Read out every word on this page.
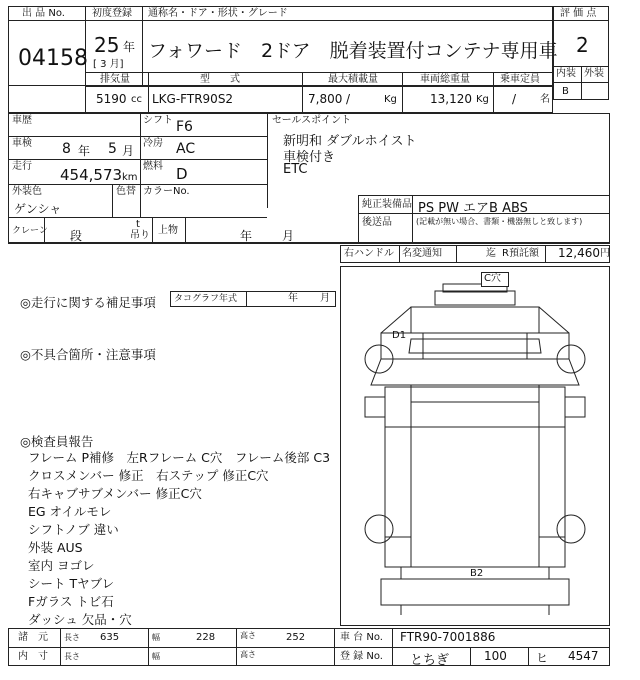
出 品 No.
04158
初度登録
25 年
[ 3 月]
通称名・ドア・形状・グレード
フォワード　2ドア　脱着装置付コンテナ専用車
評 価 点
2
内装 外装
B
排気量
5190 cc
型　　式
LKG-FTR90S2
最大積載量
7,800 /	Kg
車両総重量
13,120 Kg
乗車定員
/ 名
車歴	シフト F6
車検 8 年 5 月
冷房 AC
走行 454,573 km
燃料 D
外装色
ゲンシャ
色替 カラーNo.
クレーン 段
t
吊り 上物	年 月
セールスポイント
新明和 ダブルホイスト
車検付き
ETC
純正装備品 PS PW エアB ABS
後送品	(記載が無い場合、書類・機器無しと致します)
右ハンドル 名変通知	迄 R預託額 12,460 円
◎走行に関する補足事項 タコグラフ年式	年 月
◎不具合箇所・注意事項
◎検査員報告
フレーム P補修　左Rフレーム C穴　フレーム後部 C3
クロスメンバー 修正　右ステップ 修正C穴
右キャブサブメンバー 修正C穴
EG オイルモレ
シフトノブ 違い
外装 AUS
室内 ヨゴレ
シート Tヤブレ
Fガラス トビ石
ダッシュ 欠品・穴
C穴
D1
B2
諸　元 長さ 635	幅	228	高さ	252	車 台 No. FTR90-7001886
内　寸 長さ	幅	高さ	登 録 No. とちぎ	100 ヒ 4547
